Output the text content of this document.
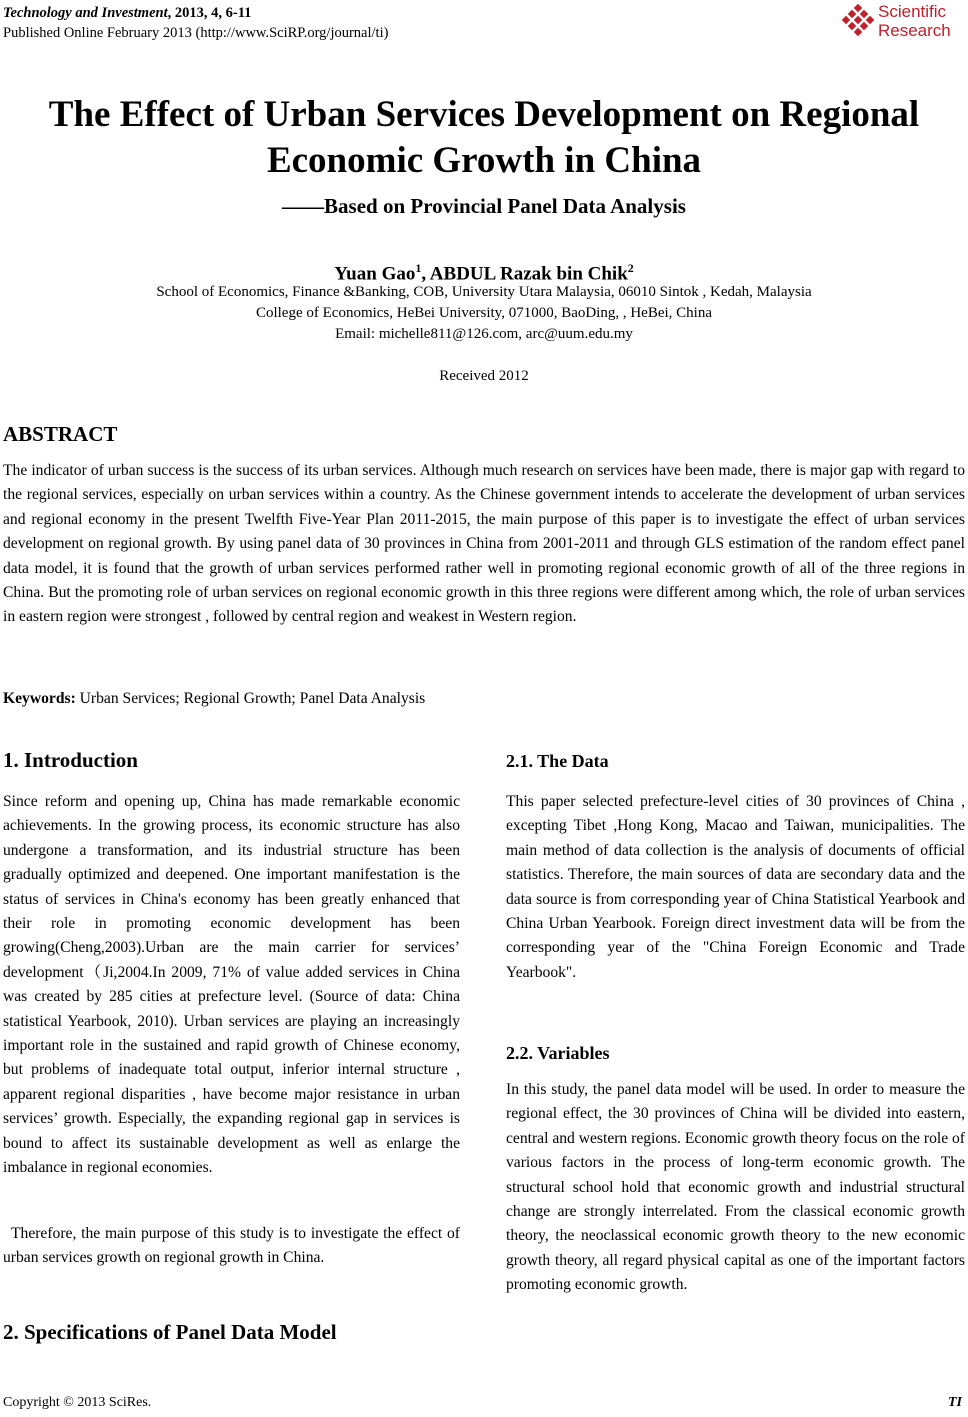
Technology and Investment, 2013, 4, 6-11
Published Online February 2013 (http://www.SciRP.org/journal/ti)
Scientific
Research
The Effect of Urban Services Development on Regional
Economic Growth in China
——Based on Provincial Panel Data Analysis
Yuan Gao$^1$, ABDUL Razak bin Chik$^2$
School of Economics, Finance &Banking, COB, University Utara Malaysia, 06010 Sintok , Kedah, Malaysia
College of Economics, HeBei University, 071000, BaoDing, , HeBei, China
Email: michelle811@126.com, arc@uum.edu.my
Received 2012
ABSTRACT

The indicator of urban success is the success of its urban services. Although much research on services have been made, there is major gap with regard to the regional services, especially on urban services within a country. As the Chinese government intends to accelerate the development of urban services and regional economy in the present Twelfth Five-Year Plan 2011-2015, the main purpose of this paper is to investigate the effect of urban services development on regional growth. By using panel data of 30 provinces in China from 2001-2011 and through GLS estimation of the random effect panel data model, it is found that the growth of urban services performed rather well in promoting regional economic growth of all of the three regions in China. But the promoting role of urban services on regional economic growth in this three regions were different among which, the role of urban services in eastern region were strongest , followed by central region and weakest in Western region.

Keywords: Urban Services; Regional Growth; Panel Data Analysis
1. Introduction

Since reform and opening up, China has made remarkable economic achievements. In the growing process, its economic structure has also undergone a transformation, and its industrial structure has been gradually optimized and deepened. One important manifestation is the status of services in China's economy has been greatly enhanced that their role in promoting economic development has been growing(Cheng,2003).Urban are the main carrier for services’ development（Ji,2004.In 2009, 71% of value added services in China was created by 285 cities at prefecture level. (Source of data: China statistical Yearbook, 2010). Urban services are playing an increasingly important role in the sustained and rapid growth of Chinese economy, but problems of inadequate total output, inferior internal structure , apparent regional disparities , have become major resistance in urban services’ growth. Especially, the expanding regional gap in services is bound to affect its sustainable development as well as enlarge the imbalance in regional economies.

Therefore, the main purpose of this study is to investigate the effect of urban services growth on regional growth in China.

2. Specifications of Panel Data Model
2.1. The Data

This paper selected prefecture-level cities of 30 provinces of China , excepting Tibet ,Hong Kong, Macao and Taiwan, municipalities. The main method of data collection is the analysis of documents of official statistics. Therefore, the main sources of data are secondary data and the data source is from corresponding year of China Statistical Yearbook and China Urban Yearbook. Foreign direct investment data will be from the corresponding year of the "China Foreign Economic and Trade Yearbook".

2.2. Variables

In this study, the panel data model will be used. In order to measure the regional effect, the 30 provinces of China will be divided into eastern, central and western regions. Economic growth theory focus on the role of various factors in the process of long-term economic growth. The structural school hold that economic growth and industrial structural change are strongly interrelated. From the classical economic growth theory, the neoclassical economic growth theory to the new economic growth theory, all regard physical capital as one of the important factors promoting economic growth.

Copyright © 2013 SciRes.	TI
